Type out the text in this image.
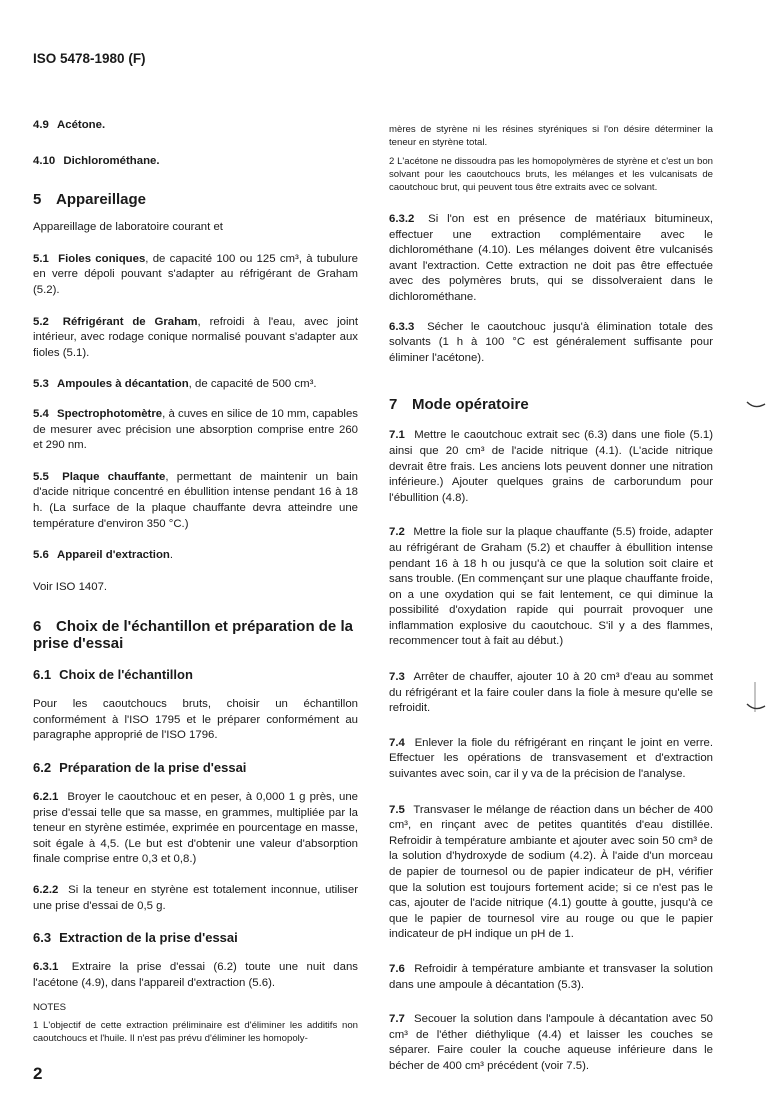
ISO 5478-1980 (F)

4.9 Acétone.

4.10 Dichlorométhane.

5 Appareillage

Appareillage de laboratoire courant et

5.1 Fioles coniques, de capacité 100 ou 125 cm³, à tubulure en verre dépoli pouvant s'adapter au réfrigérant de Graham (5.2).

5.2 Réfrigérant de Graham, refroidi à l'eau, avec joint intérieur, avec rodage conique normalisé pouvant s'adapter aux fioles (5.1).

5.3 Ampoules à décantation, de capacité de 500 cm³.

5.4 Spectrophotomètre, à cuves en silice de 10 mm, capables de mesurer avec précision une absorption comprise entre 260 et 290 nm.

5.5 Plaque chauffante, permettant de maintenir un bain d'acide nitrique concentré en ébullition intense pendant 16 à 18 h. (La surface de la plaque chauffante devra atteindre une température d'environ 350 °C.)

5.6 Appareil d'extraction.

Voir ISO 1407.

6 Choix de l'échantillon et préparation de la prise d'essai
6.1 Choix de l'échantillon

Pour les caoutchoucs bruts, choisir un échantillon conformément à l'ISO 1795 et le préparer conformément au paragraphe approprié de l'ISO 1796.

6.2 Préparation de la prise d'essai

6.2.1 Broyer le caoutchouc et en peser, à 0,000 1 g près, une prise d'essai telle que sa masse, en grammes, multipliée par la teneur en styrène estimée, exprimée en pourcentage en masse, soit égale à 4,5. (Le but est d'obtenir une valeur d'absorption finale comprise entre 0,3 et 0,8.)

6.2.2 Si la teneur en styrène est totalement inconnue, utiliser une prise d'essai de 0,5 g.

6.3 Extraction de la prise d'essai

6.3.1 Extraire la prise d'essai (6.2) toute une nuit dans l'acétone (4.9), dans l'appareil d'extraction (5.6).

NOTES

1 L'objectif de cette extraction préliminaire est d'éliminer les additifs non caoutchoucs et l'huile. Il n'est pas prévu d'éliminer les homopoly-

mères de styrène ni les résines styréniques si l'on désire déterminer la teneur en styrène total.

2 L'acétone ne dissoudra pas les homopolymères de styrène et c'est un bon solvant pour les caoutchoucs bruts, les mélanges et les vulcanisats de caoutchouc brut, qui peuvent tous être extraits avec ce solvant.

6.3.2 Si l'on est en présence de matériaux bitumineux, effectuer une extraction complémentaire avec le dichlorométhane (4.10). Les mélanges doivent être vulcanisés avant l'extraction. Cette extraction ne doit pas être effectuée avec des polymères bruts, qui se dissolveraient dans le dichlorométhane.

6.3.3 Sécher le caoutchouc jusqu'à élimination totale des solvants (1 h à 100 °C est généralement suffisante pour éliminer l'acétone).

7 Mode opératoire

7.1 Mettre le caoutchouc extrait sec (6.3) dans une fiole (5.1) ainsi que 20 cm³ de l'acide nitrique (4.1). (L'acide nitrique devrait être frais. Les anciens lots peuvent donner une nitration inférieure.) Ajouter quelques grains de carborundum pour l'ébullition (4.8).

7.2 Mettre la fiole sur la plaque chauffante (5.5) froide, adapter au réfrigérant de Graham (5.2) et chauffer à ébullition intense pendant 16 à 18 h ou jusqu'à ce que la solution soit claire et sans trouble. (En commençant sur une plaque chauffante froide, on a une oxydation qui se fait lentement, ce qui diminue la possibilité d'oxydation rapide qui pourrait provoquer une inflammation explosive du caoutchouc. S'il y a des flammes, recommencer tout à fait au début.)

7.3 Arrêter de chauffer, ajouter 10 à 20 cm³ d'eau au sommet du réfrigérant et la faire couler dans la fiole à mesure qu'elle se refroidit.

7.4 Enlever la fiole du réfrigérant en rinçant le joint en verre. Effectuer les opérations de transvasement et d'extraction suivantes avec soin, car il y va de la précision de l'analyse.

7.5 Transvaser le mélange de réaction dans un bécher de 400 cm³, en rinçant avec de petites quantités d'eau distillée. Refroidir à température ambiante et ajouter avec soin 50 cm³ de la solution d'hydroxyde de sodium (4.2). À l'aide d'un morceau de papier de tournesol ou de papier indicateur de pH, vérifier que la solution est toujours fortement acide; si ce n'est pas le cas, ajouter de l'acide nitrique (4.1) goutte à goutte, jusqu'à ce que le papier de tournesol vire au rouge ou que le papier indicateur de pH indique un pH de 1.

7.6 Refroidir à température ambiante et transvaser la solution dans une ampoule à décantation (5.3).

7.7 Secouer la solution dans l'ampoule à décantation avec 50 cm³ de l'éther diéthylique (4.4) et laisser les couches se séparer. Faire couler la couche aqueuse inférieure dans le bécher de 400 cm³ précédent (voir 7.5).

2
